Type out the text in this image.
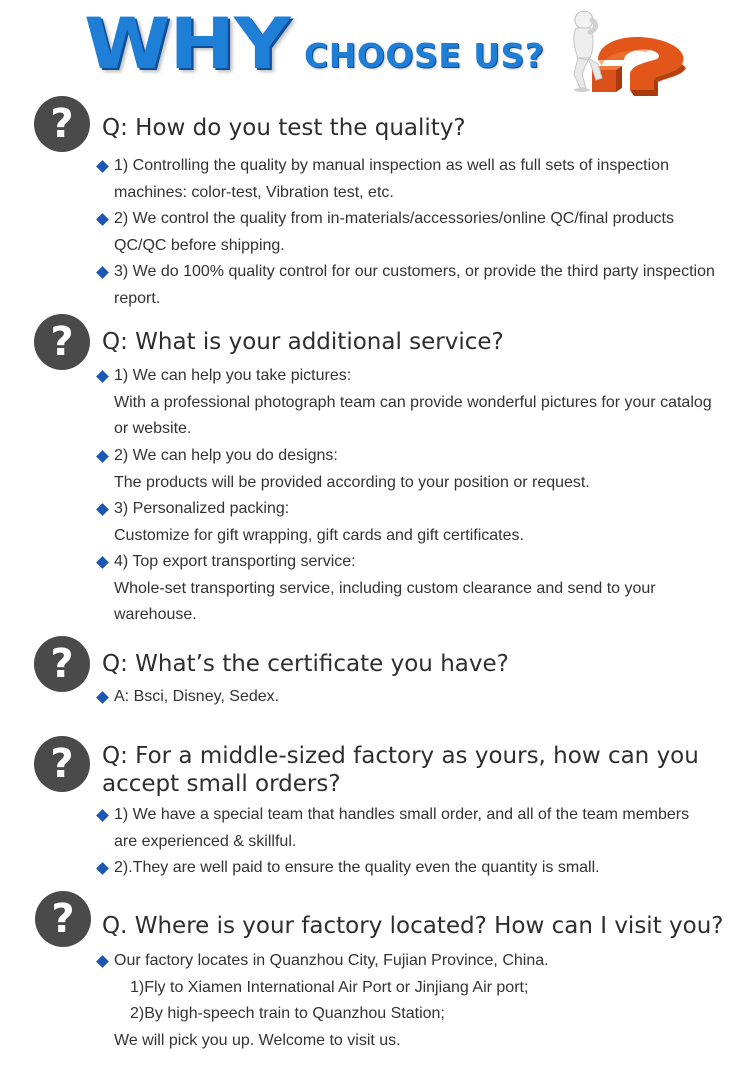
WHY CHOOSE US?
?	Q: How do you test the quality?
1) Controlling the quality by manual inspection as well as full sets of inspection machines: color-test, Vibration test, etc.
2) We control the quality from in-materials/accessories/online QC/final products QC/QC before shipping.
3) We do 100% quality control for our customers, or provide the third party inspection report.
?	Q: What is your additional service?
1) We can help you take pictures:
With a professional photograph team can provide wonderful pictures for your catalog or website.
2) We can help you do designs:
The products will be provided according to your position or request.
3) Personalized packing:
Customize for gift wrapping, gift cards and gift certificates.
4) Top export transporting service:
Whole-set transporting service, including custom clearance and send to your warehouse.
?	Q: What’s the certificate you have?
A: Bsci, Disney, Sedex.
?	Q: For a middle-sized factory as yours, how can you accept small orders?
1) We have a special team that handles small order, and all of the team members are experienced & skillful.
2).They are well paid to ensure the quality even the quantity is small.
?	Q. Where is your factory located? How can I visit you?
Our factory locates in Quanzhou City, Fujian Province, China.
1)Fly to Xiamen International Air Port or Jinjiang Air port;
2)By high-speech train to Quanzhou Station;
We will pick you up. Welcome to visit us.
